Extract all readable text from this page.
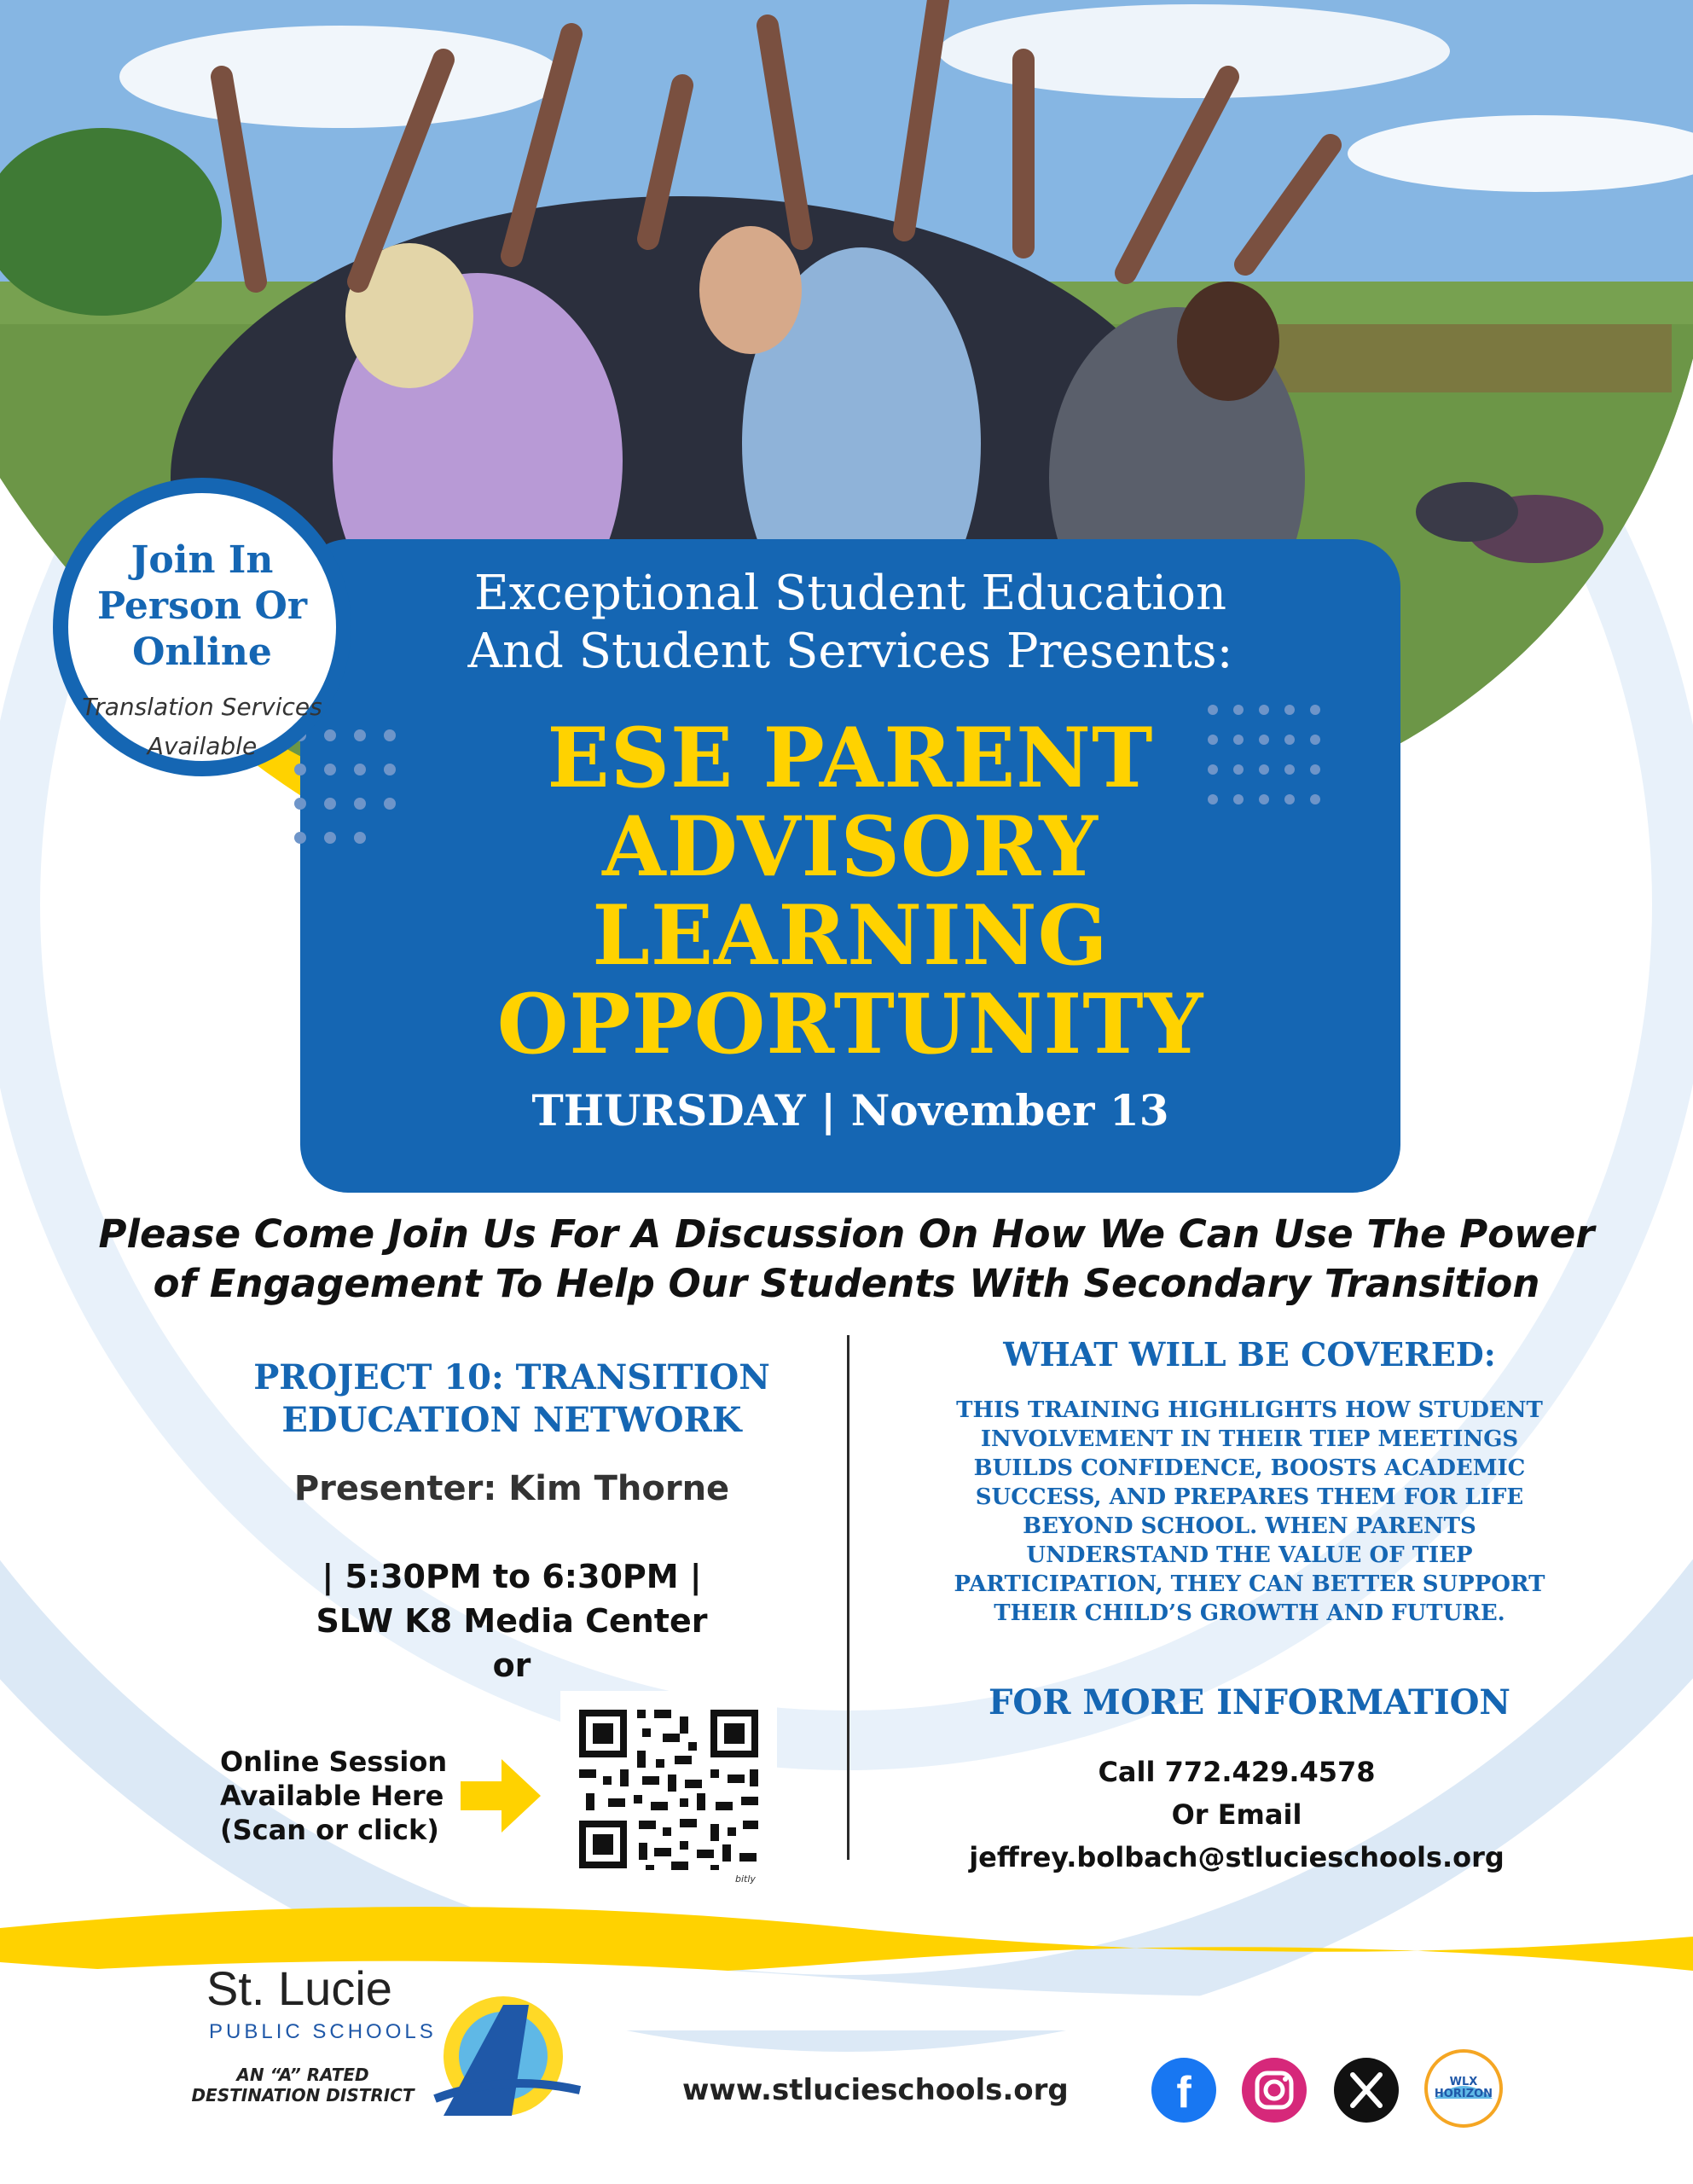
Exceptional Student Education
And Student Services Presents:
ESE PARENT
ADVISORY
LEARNING
OPPORTUNITY
THURSDAY | November 13
Join In
Person Or
Online
Translation Services
Available
Please Come Join Us For A Discussion On How We Can Use The Power
of Engagement To Help Our Students With Secondary Transition
PROJECT 10: TRANSITION
EDUCATION NETWORK
Presenter: Kim Thorne
| 5:30PM to 6:30PM |
SLW K8 Media Center
or
Online Session
Available Here
(Scan or click)
bitly
WHAT WILL BE COVERED:
THIS TRAINING HIGHLIGHTS HOW STUDENT
INVOLVEMENT IN THEIR TIEP MEETINGS
BUILDS CONFIDENCE, BOOSTS ACADEMIC
SUCCESS, AND PREPARES THEM FOR LIFE
BEYOND SCHOOL. WHEN PARENTS
UNDERSTAND THE VALUE OF TIEP
PARTICIPATION, THEY CAN BETTER SUPPORT
THEIR CHILD’S GROWTH AND FUTURE.
FOR MORE INFORMATION
Call 772.429.4578
Or Email
jeffrey.bolbach@stlucieschools.org
St. Lucie
PUBLIC SCHOOLS
AN “A” RATED
DESTINATION DISTRICT	www.stlucieschools.org f	WLX HORIZON
